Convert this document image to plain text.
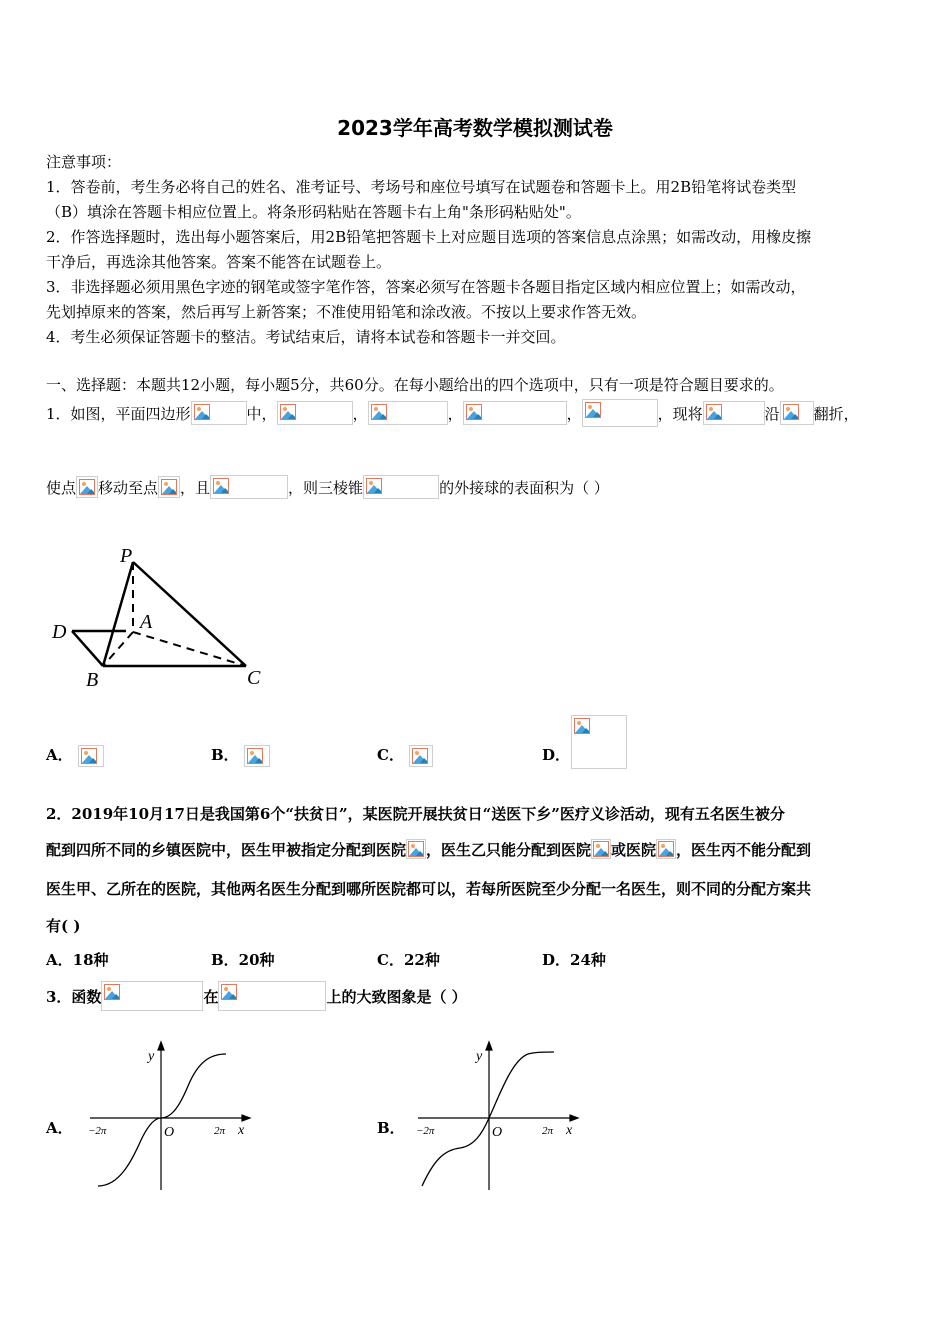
2023学年高考数学模拟测试卷
注意事项：
1．答卷前，考生务必将自己的姓名、准考证号、考场号和座位号填写在试题卷和答题卡上。用2B铅笔将试卷类型
（B）填涂在答题卡相应位置上。将条形码粘贴在答题卡右上角"条形码粘贴处"。
2．作答选择题时，选出每小题答案后，用2B铅笔把答题卡上对应题目选项的答案信息点涂黑；如需改动，用橡皮擦
干净后，再选涂其他答案。答案不能答在试题卷上。
3．非选择题必须用黑色字迹的钢笔或签字笔作答，答案必须写在答题卡各题目指定区域内相应位置上；如需改动，
先划掉原来的答案，然后再写上新答案；不准使用铅笔和涂改液。不按以上要求作答无效。
4．考生必须保证答题卡的整洁。考试结束后，请将本试卷和答题卡一并交回。
一、选择题：本题共12小题，每小题5分，共60分。在每小题给出的四个选项中，只有一项是符合题目要求的。
1．如图，平面四边形	中，	，	，	，	，现将	沿 翻折，
使点 移动至点 ，且	，则三棱锥	的外接球的表面积为（ ）
P
A
D
B	C
A．	B．	C．	D．
2．2019年10月17日是我国第6个“扶贫日”，某医院开展扶贫日“送医下乡”医疗义诊活动，现有五名医生被分
配到四所不同的乡镇医院中，医生甲被指定分配到医院 ，医生乙只能分配到医院 或医院 ，医生丙不能分配到
医生甲、乙所在的医院，其他两名医生分配到哪所医院都可以，若每所医院至少分配一名医生，则不同的分配方案共
有( )
A．18种	B．20种	C．22种	D．24种
3．函数	在	上的大致图象是（ ）
A．
y
x
O
−2π	2π	B．
y
x
O
−2π	2π
